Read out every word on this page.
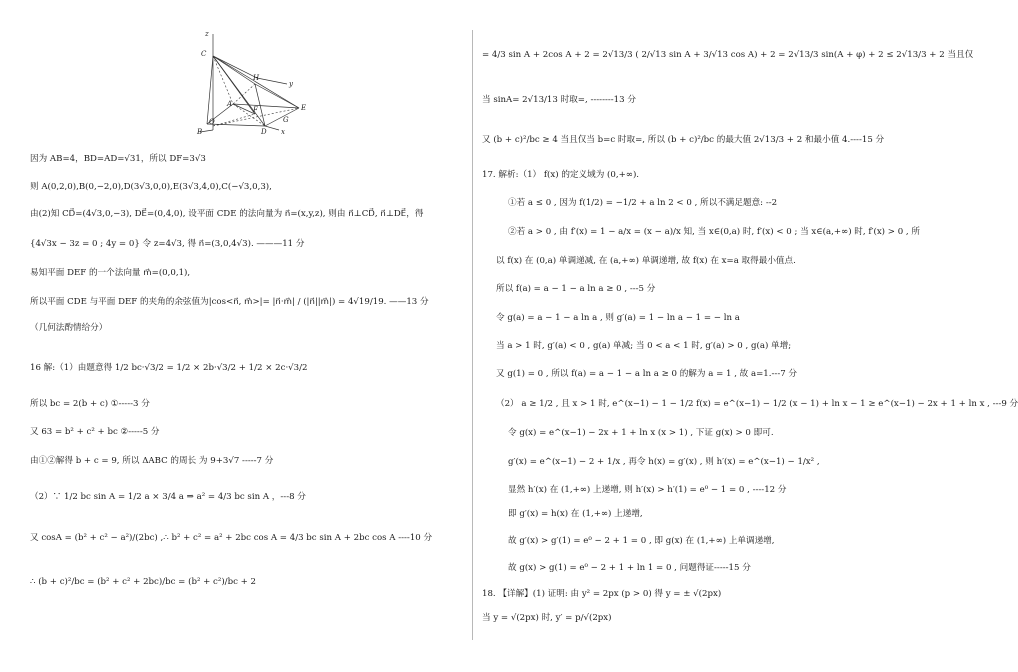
z
H
y
A
F	E
C
O
D
B
G
x
因为 AB=4，BD=AD=√31，所以 DF=3√3
则 A(0,2,0),B(0,−2,0),D(3√3,0,0),E(3√3,4,0),C(−√3,0,3),
由(2)知 CD⃗=(4√3,0,−3), DE⃗=(0,4,0), 设平面 CDE 的法向量为 n⃗=(x,y,z), 则由 n⃗⊥CD⃗, n⃗⊥DE⃗，得
{4√3x − 3z = 0 ; 4y = 0} 令 z=4√3, 得 n⃗=(3,0,4√3). ———11 分
易知平面 DEF 的一个法向量 m⃗=(0,0,1),
所以平面 CDE 与平面 DEF 的夹角的余弦值为|cos<n⃗, m⃗>|= |n⃗·m⃗| / (|n⃗||m⃗|) = 4√19/19. ——13 分
（几何法酌情给分）
16 解:（1）由题意得 1/2 bc·√3/2 = 1/2 × 2b·√3/2 + 1/2 × 2c·√3/2
所以 bc = 2(b + c) ①-----3 分
又 63 = b² + c² + bc ②-----5 分
由①②解得 b + c = 9, 所以 ΔABC 的周长 为 9+3√7 -----7 分
（2）∵ 1/2 bc sin A = 1/2 a × 3/4 a ⇒ a² = 4/3 bc sin A ，---8 分
又 cosA = (b² + c² − a²)/(2bc) ,∴ b² + c² = a² + 2bc cos A = 4/3 bc sin A + 2bc cos A ----10 分
∴ (b + c)²/bc = (b² + c² + 2bc)/bc = (b² + c²)/bc + 2
= 4/3 sin A + 2cos A + 2 = 2√13/3 ( 2/√13 sin A + 3/√13 cos A) + 2 = 2√13/3 sin(A + φ) + 2 ≤ 2√13/3 + 2 当且仅
当 sinA= 2√13/13 时取=, --------13 分
又 (b + c)²/bc ≥ 4 当且仅当 b=c 时取=, 所以 (b + c)²/bc 的最大值 2√13/3 + 2 和最小值 4.----15 分
17. 解析:（1） f(x) 的定义域为 (0,+∞).
①若 a ≤ 0 , 因为 f(1/2) = −1/2 + a ln 2 < 0 , 所以不满足题意: --2
②若 a > 0 , 由 f′(x) = 1 − a/x = (x − a)/x 知, 当 x∈(0,a) 时, f′(x) < 0 ; 当 x∈(a,+∞) 时, f′(x) > 0 , 所
以 f(x) 在 (0,a) 单调递减, 在 (a,+∞) 单调递增, 故 f(x) 在 x=a 取得最小值点.
所以 f(a) = a − 1 − a ln a ≥ 0 , ---5 分
令 g(a) = a − 1 − a ln a , 则 g′(a) = 1 − ln a − 1 = − ln a
当 a > 1 时, g′(a) < 0 , g(a) 单减; 当 0 < a < 1 时, g′(a) > 0 , g(a) 单增;
又 g(1) = 0 , 所以 f(a) = a − 1 − a ln a ≥ 0 的解为 a = 1 , 故 a=1.---7 分
（2） a ≥ 1/2 , 且 x > 1 时, e^(x−1) − 1 − 1/2 f(x) = e^(x−1) − 1/2 (x − 1) + ln x − 1 ≥ e^(x−1) − 2x + 1 + ln x , ---9 分
令 g(x) = e^(x−1) − 2x + 1 + ln x (x > 1) , 下证 g(x) > 0 即可.
g′(x) = e^(x−1) − 2 + 1/x , 再令 h(x) = g′(x) , 则 h′(x) = e^(x−1) − 1/x² ,
显然 h′(x) 在 (1,+∞) 上递增, 则 h′(x) > h′(1) = e⁰ − 1 = 0 , ----12 分
即 g′(x) = h(x) 在 (1,+∞) 上递增,
故 g′(x) > g′(1) = e⁰ − 2 + 1 = 0 , 即 g(x) 在 (1,+∞) 上单调递增,
故 g(x) > g(1) = e⁰ − 2 + 1 + ln 1 = 0 , 问题得证-----15 分
18. 【详解】(1) 证明: 由 y² = 2px (p > 0) 得 y = ± √(2px)
当 y = √(2px) 时, y′ = p/√(2px)
